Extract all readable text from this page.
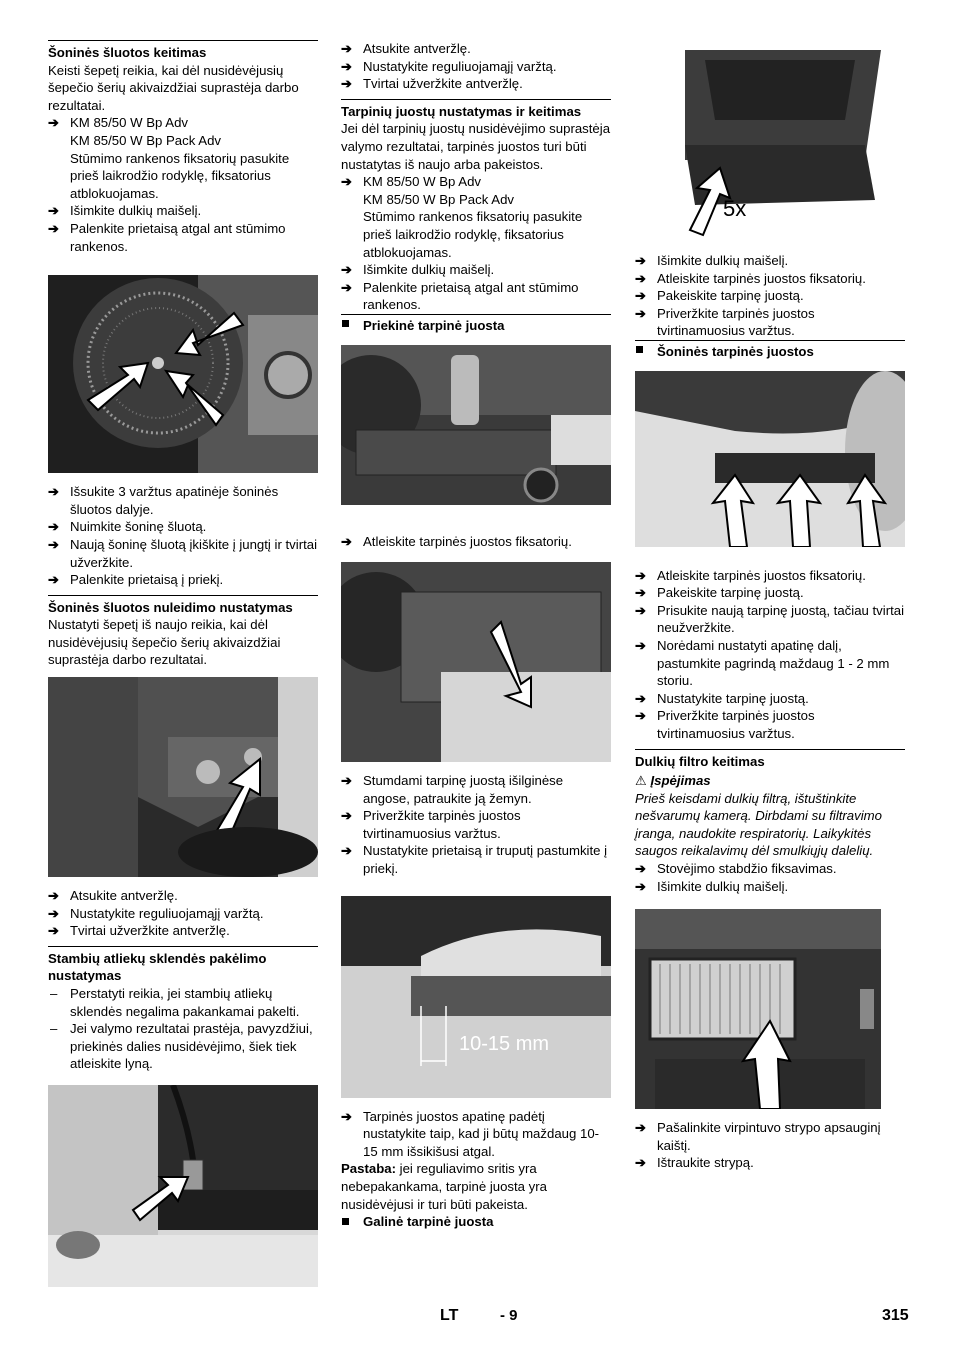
Šoninės šluotos keitimas

Keisti šepetį reikia, kai dėl nusidėvėjusių šepečio šerių akivaizdžiai suprastėja darbo rezultatai.

➔ KM 85/50 W Bp Adv
KM 85/50 W Bp Pack Adv
Stūmimo rankenos fiksatorių pasukite prieš laikrodžio rodyklę, fiksatorius atblokuojamas.
➔ Išimkite dulkių maišelį.
➔ Palenkite prietaisą atgal ant stūmimo rankenos.
➔ Išsukite 3 varžtus apatinėje šoninės šluotos dalyje.
➔ Nuimkite šoninę šluotą.
➔ Naują šoninę šluotą įkiškite į jungtį ir tvirtai užveržkite.
➔ Palenkite prietaisą į priekį.
Šoninės šluotos nuleidimo nustatymas

Nustatyti šepetį iš naujo reikia, kai dėl nusidėvėjusių šepečio šerių akivaizdžiai suprastėja darbo rezultatai.

➔ Atsukite antveržlę.
➔ Nustatykite reguliuojamąjį varžtą.
➔ Tvirtai užveržkite antveržlę.
Stambių atliekų sklendės pakėlimo nustatymas
– Perstatyti reikia, jei stambių atliekų sklendės negalima pakankamai pakelti.
– Jei valymo rezultatai prastėja, pavyzdžiui, priekinės dalies nusidėvėjimo, šiek tiek atleiskite lyną.
➔ Atsukite antveržlę.
➔ Nustatykite reguliuojamąjį varžtą.
➔ Tvirtai užveržkite antveržlę.
Tarpinių juostų nustatymas ir keitimas

Jei dėl tarpinių juostų nusidėvėjimo suprastėja valymo rezultatai, tarpinės juostos turi būti nustatytas iš naujo arba pakeistos.

➔ KM 85/50 W Bp Adv
KM 85/50 W Bp Pack Adv
Stūmimo rankenos fiksatorių pasukite prieš laikrodžio rodyklę, fiksatorius atblokuojamas.
➔ Išimkite dulkių maišelį.
➔ Palenkite prietaisą atgal ant stūmimo rankenos.
Priekinė tarpinė juosta
➔ Atleiskite tarpinės juostos fiksatorių.
➔ Stumdami tarpinę juostą išilginėse angose, patraukite ją žemyn.
➔ Priveržkite tarpinės juostos tvirtinamuosius varžtus.
➔ Nustatykite prietaisą ir truputį pastumkite į priekį.
10-15 mm
➔ Tarpinės juostos apatinę padėtį nustatykite taip, kad ji būtų maždaug 10-15 mm išsikišusi atgal.

Pastaba: jei reguliavimo sritis yra nebepakankama, tarpinė juosta yra nusidėvėjusi ir turi būti pakeista.

Galinė tarpinė juosta
5x
➔ Išimkite dulkių maišelį.
➔ Atleiskite tarpinės juostos fiksatorių.
➔ Pakeiskite tarpinę juostą.
➔ Priveržkite tarpinės juostos tvirtinamuosius varžtus.
Šoninės tarpinės juostos
➔ Atleiskite tarpinės juostos fiksatorių.
➔ Pakeiskite tarpinę juostą.
➔ Prisukite naują tarpinę juostą, tačiau tvirtai neužveržkite.
➔ Norėdami nustatyti apatinę dalį, pastumkite pagrindą maždaug 1 - 2 mm storiu.
➔ Nustatykite tarpinę juostą.
➔ Priveržkite tarpinės juostos tvirtinamuosius varžtus.
Dulkių filtro keitimas
⚠ Įspėjimas

Prieš keisdami dulkių filtrą, ištuštinkite nešvarumų kamerą. Dirbdami su filtravimo įranga, naudokite respiratorių. Laikykitės saugos reikalavimų dėl smulkiųjų dalelių.

➔ Stovėjimo stabdžio fiksavimas.
➔ Išimkite dulkių maišelį.
➔ Pašalinkite virpintuvo strypo apsauginį kaištį.
➔ Ištraukite strypą.
LT	- 9	315
